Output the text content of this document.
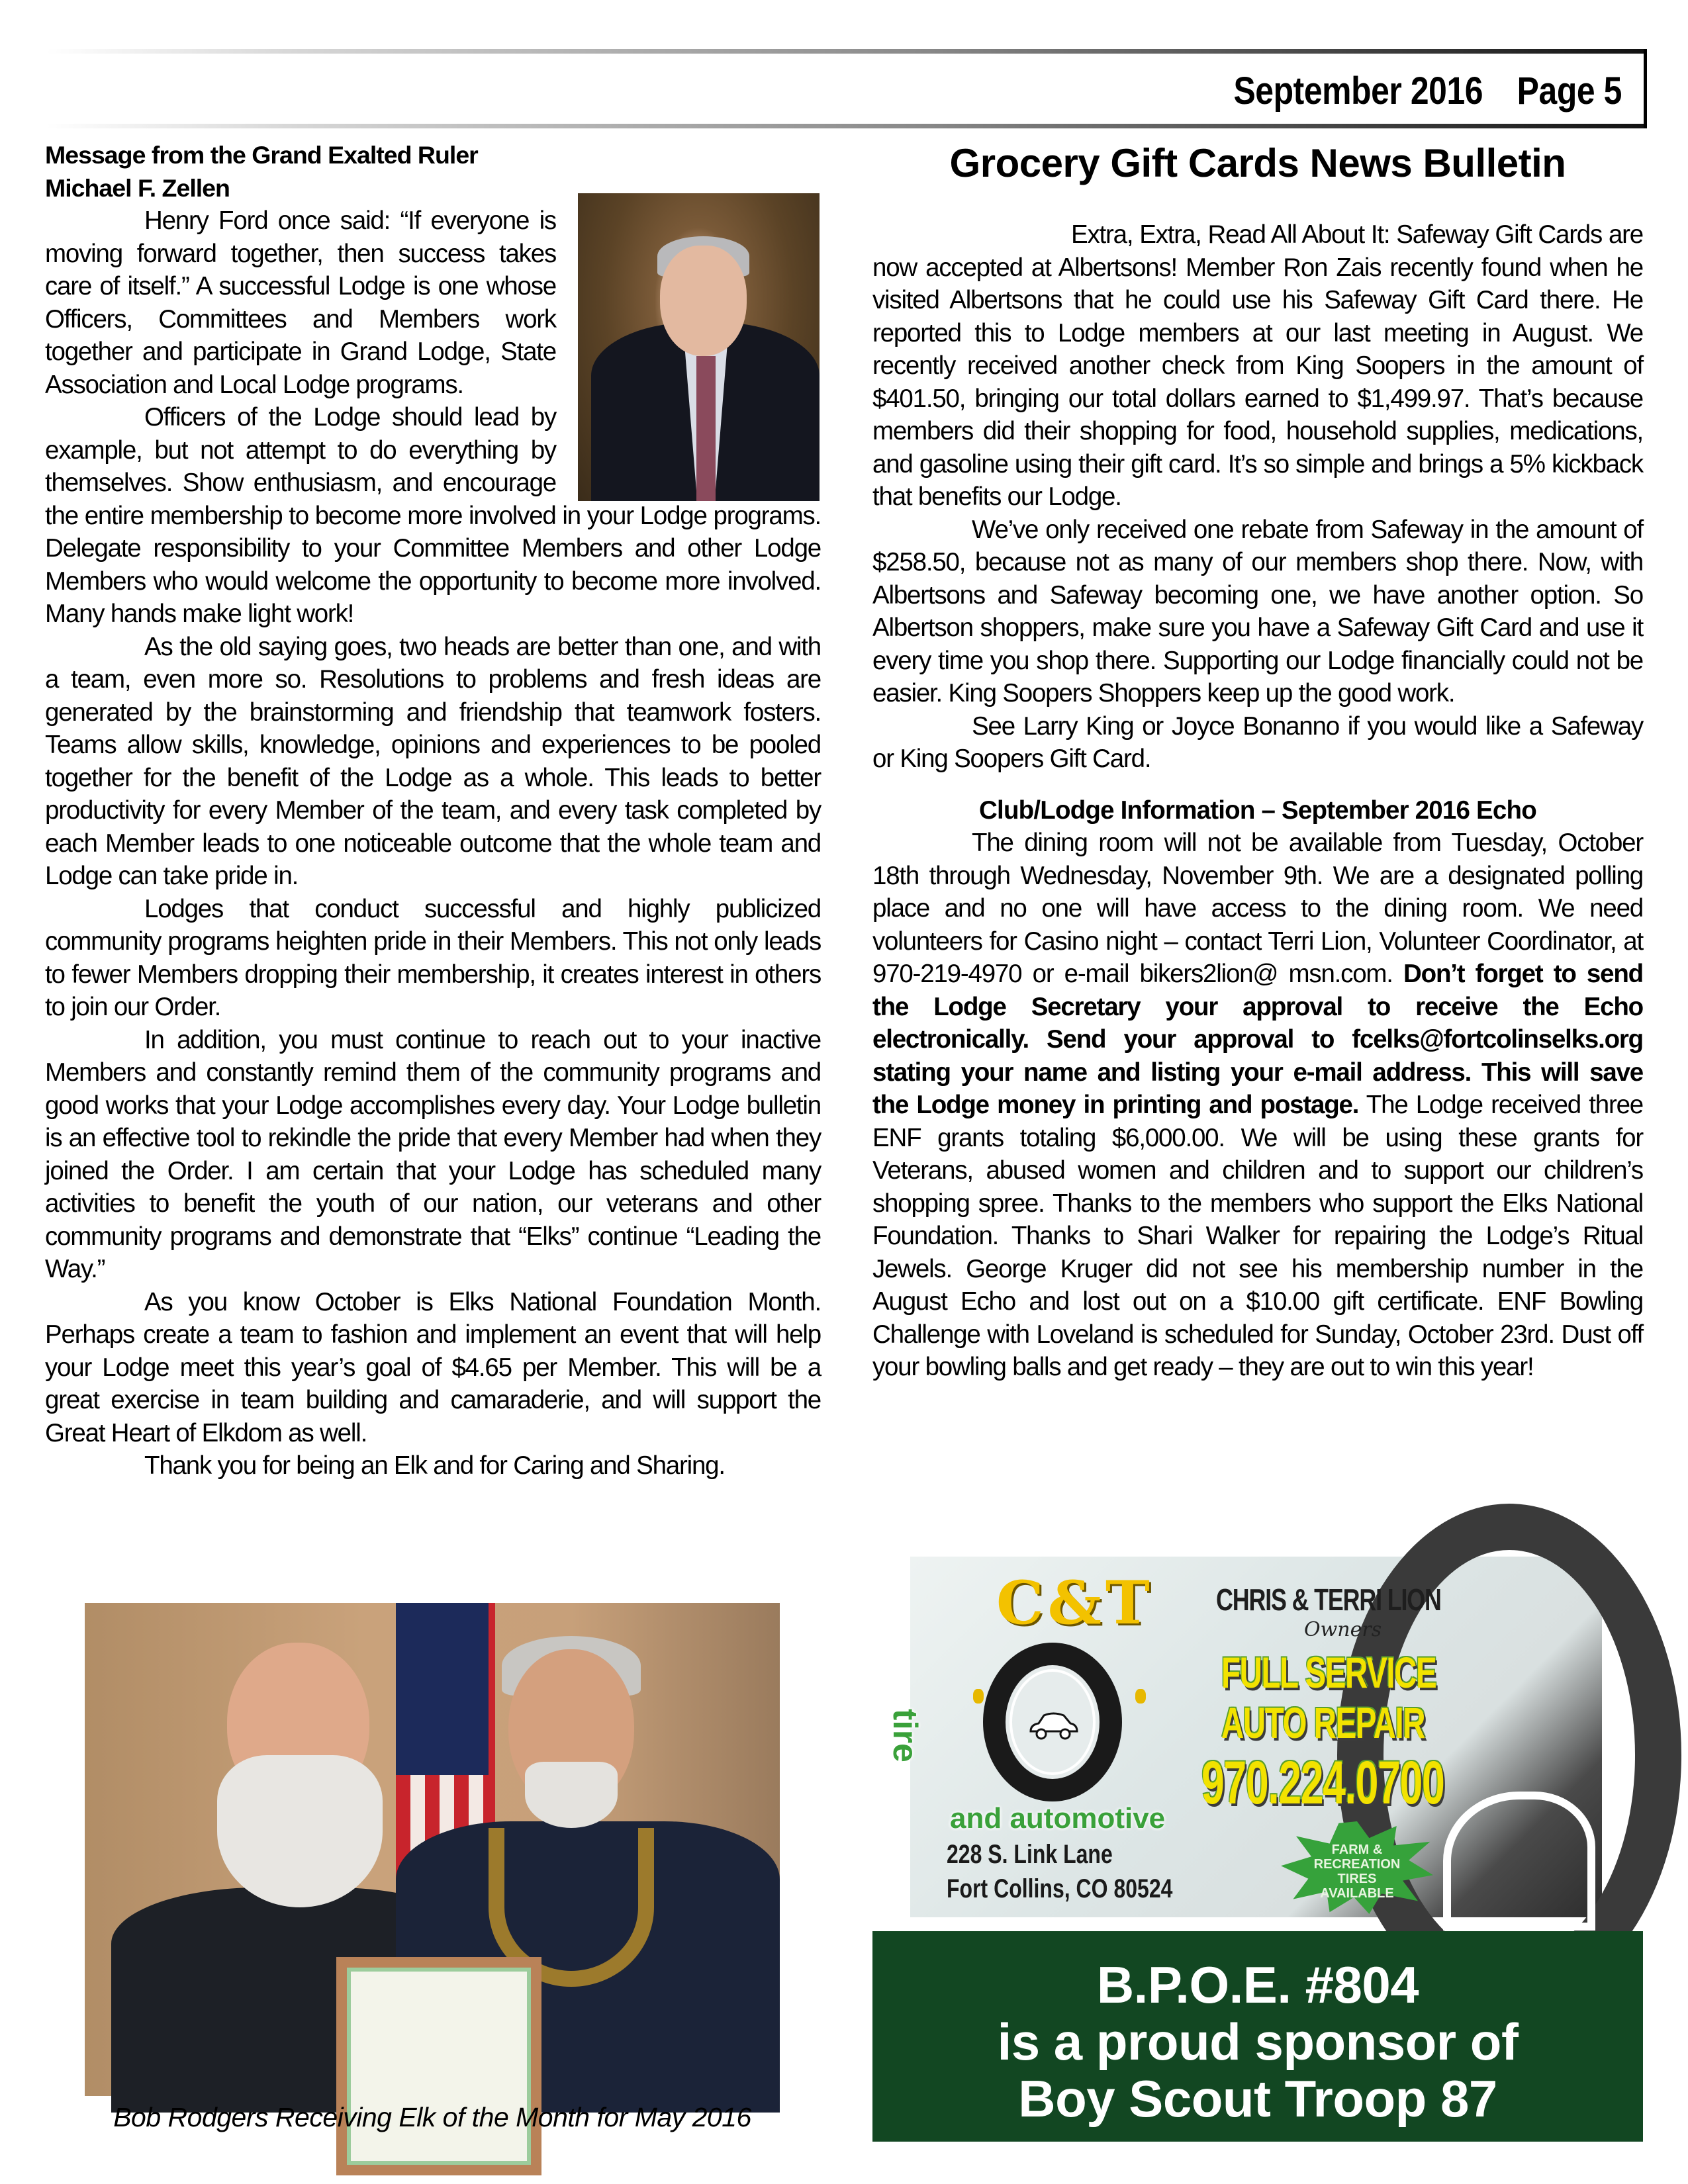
September 2016 Page 5
Message from the Grand Exalted Ruler
Michael F. Zellen

Henry Ford once said: “If everyone is moving forward together, then success takes care of itself.” A successful Lodge is one whose Officers, Committees and Members work together and participate in Grand Lodge, State Association and Local Lodge programs.

Officers of the Lodge should lead by example, but not attempt to do everything by themselves. Show enthusiasm, and encourage the entire membership to become more involved in your Lodge programs. Delegate responsibility to your Committee Members and other Lodge Members who would welcome the opportunity to become more involved. Many hands make light work!

As the old saying goes, two heads are better than one, and with a team, even more so. Resolutions to problems and fresh ideas are generated by the brainstorming and friendship that teamwork fosters. Teams allow skills, knowledge, opinions and experiences to be pooled together for the benefit of the Lodge as a whole. This leads to better productivity for every Member of the team, and every task completed by each Member leads to one noticeable outcome that the whole team and Lodge can take pride in.

Lodges that conduct successful and highly publicized community programs heighten pride in their Members. This not only leads to fewer Members dropping their membership, it creates interest in others to join our Order.

In addition, you must continue to reach out to your inactive Members and constantly remind them of the community programs and good works that your Lodge accomplishes every day. Your Lodge bulletin is an effective tool to rekindle the pride that every Member had when they joined the Order. I am certain that your Lodge has scheduled many activities to benefit the youth of our nation, our veterans and other community programs and demonstrate that “Elks” continue “Leading the Way.”

As you know October is Elks National Foundation Month. Perhaps create a team to fashion and implement an event that will help your Lodge meet this year’s goal of $4.65 per Member. This will be a great exercise in team building and camaraderie, and will support the Great Heart of Elkdom as well.

Thank you for being an Elk and for Caring and Sharing.

Bob Rodgers Receiving Elk of the Month for May 2016
Grocery Gift Cards News Bulletin

Extra, Extra, Read All About It: Safeway Gift Cards are now accepted at Albertsons! Member Ron Zais recently found when he visited Albertsons that he could use his Safeway Gift Card there. He reported this to Lodge members at our last meeting in August. We recently received another check from King Soopers in the amount of $401.50, bringing our total dollars earned to $1,499.97. That’s because members did their shopping for food, household supplies, medications, and gasoline using their gift card. It’s so simple and brings a 5% kickback that benefits our Lodge.

We’ve only received one rebate from Safeway in the amount of $258.50, because not as many of our members shop there. Now, with Albertsons and Safeway becoming one, we have another option. So Albertson shoppers, make sure you have a Safeway Gift Card and use it every time you shop there. Supporting our Lodge financially could not be easier. King Soopers Shoppers keep up the good work.

See Larry King or Joyce Bonanno if you would like a Safeway or King Soopers Gift Card.

Club/Lodge Information – September 2016 Echo

The dining room will not be available from Tuesday, October 18th through Wednesday, November 9th. We are a designated polling place and no one will have access to the dining room. We need volunteers for Casino night – contact Terri Lion, Volunteer Coordinator, at 970-219-4970 or e-mail bikers2lion@ msn.com. Don’t forget to send the Lodge Secretary your approval to receive the Echo electronically. Send your approval to fcelks@fortcolinselks.org stating your name and listing your e-mail address. This will save the Lodge money in printing and postage. The Lodge received three ENF grants totaling $6,000.00. We will be using these grants for Veterans, abused women and children and to support our children’s shopping spree. Thanks to the members who support the Elks National Foundation. Thanks to Shari Walker for repairing the Lodge’s Ritual Jewels. George Kruger did not see his membership number in the August Echo and lost out on a $10.00 gift certificate. ENF Bowling Challenge with Loveland is scheduled for Sunday, October 23rd. Dust off your bowling balls and get ready – they are out to win this year!

C&T
tire
and automotive
CHRIS & TERRI LION
Owners
FULL SERVICE
AUTO REPAIR
970.224.0700
228 S. Link Lane
Fort Collins, CO 80524
FARM & RECREATION TIRES AVAILABLE
B.P.O.E. #804
is a proud sponsor of
Boy Scout Troop 87
